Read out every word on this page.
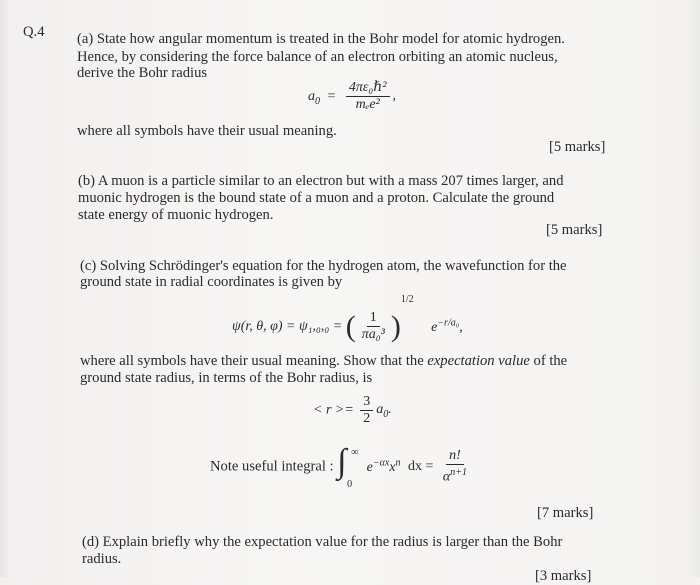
Q.4 (a) State how angular momentum is treated in the Bohr model for atomic hydrogen.
Hence, by considering the force balance of an electron orbiting an atomic nucleus,
derive the Bohr radius
$a_0 = \frac{\text{4πε₀ℏ²}}{\text{mₑe²}}$ ,
where all symbols have their usual meaning.
[5 marks]
(b) A muon is a particle similar to an electron but with a mass 207 times larger, and
muonic hydrogen is the bound state of a muon and a proton. Calculate the ground
state energy of muonic hydrogen.
[5 marks]
(c) Solving Schrödinger's equation for the hydrogen atom, the wavefunction for the
ground state in radial coordinates is given by
ψ(r, θ, φ) = ψ₁,₀,₀ = ( $\frac{1}{\text{πa₀³}} )^{1/2}$ $e^{-r/a_0}$,
where all symbols have their usual meaning. Show that the expectation value of the
ground state radius, in terms of the Bohr radius, is
< $r >= \frac{3}{2} a_0$.
Note useful integral : ∫ ∞
0
$e^{-\alpha x}x^n$ dx = $\frac{n!}{\alpha^{n+1}}$
[7 marks]
(d) Explain briefly why the expectation value for the radius is larger than the Bohr
radius.
[3 marks]
